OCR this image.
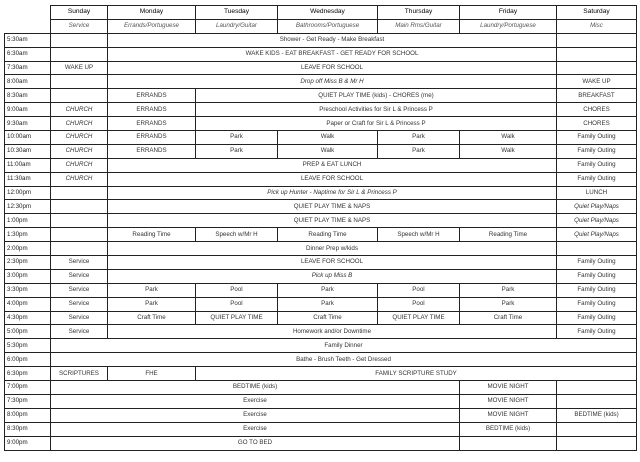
	Sunday	Monday	Tuesday	Wednesday	Thursday	Friday	Saturday
	Service	Errands/Portuguese	Laundry/Guitar	Bathrooms/Portuguese	Main Rms/Guitar	Laundry/Portuguese	Misc
5:30am		Shower - Get Ready - Make Breakfast					
6:30am		WAKE KIDS - EAT BREAKFAST - GET READY FOR SCHOOL					
7:30am	WAKE UP	LEAVE FOR SCHOOL					
8:00am		Drop off Miss B & Mr H					WAKE UP
8:30am		ERRANDS	QUIET PLAY TIME (kids) - CHORES (me)				BREAKFAST
9:00am	CHURCH	ERRANDS	Preschool Activities for Sir L & Princess P				CHORES
9:30am	CHURCH	ERRANDS	Paper or Craft for Sir L & Princess P				CHORES
10:00am	CHURCH	ERRANDS	Park	Walk	Park	Walk	Family Outing
10:30am	CHURCH	ERRANDS	Park	Walk	Park	Walk	Family Outing
11:00am	CHURCH	PREP & EAT LUNCH					Family Outing
11:30am	CHURCH	LEAVE FOR SCHOOL					Family Outing
12:00pm		Pick up Hunter - Naptime for Sir L & Princess P					LUNCH
12:30pm		QUIET PLAY TIME & NAPS					Quiet Play/Naps
1:00pm		QUIET PLAY TIME & NAPS					Quiet Play/Naps
1:30pm		Reading Time	Speech w/Mr H	Reading Time	Speech w/Mr H	Reading Time	Quiet Play/Naps
2:00pm		Dinner Prep w/kids					
2:30pm	Service	LEAVE FOR SCHOOL					Family Outing
3:00pm	Service	Pick up Miss B					Family Outing
3:30pm	Service	Park	Pool	Park	Pool	Park	Family Outing
4:00pm	Service	Park	Pool	Park	Pool	Park	Family Outing
4:30pm	Service	Craft Time	QUIET PLAY TIME	Craft Time	QUIET PLAY TIME	Craft Time	Family Outing
5:00pm	Service	Homework and/or Downtime					Family Outing
5:30pm	Family Dinner						
6:00pm	Bathe - Brush Teeth - Get Dressed						
6:30pm	SCRIPTURES	FHE	FAMILY SCRIPTURE STUDY				
7:00pm	BEDTIME (kids)					MOVIE NIGHT	
7:30pm	Exercise					MOVIE NIGHT	
8:00pm	Exercise					MOVIE NIGHT	BEDTIME (kids)
8:30pm	Exercise					BEDTIME (kids)	
9:00pm	GO TO BED						
